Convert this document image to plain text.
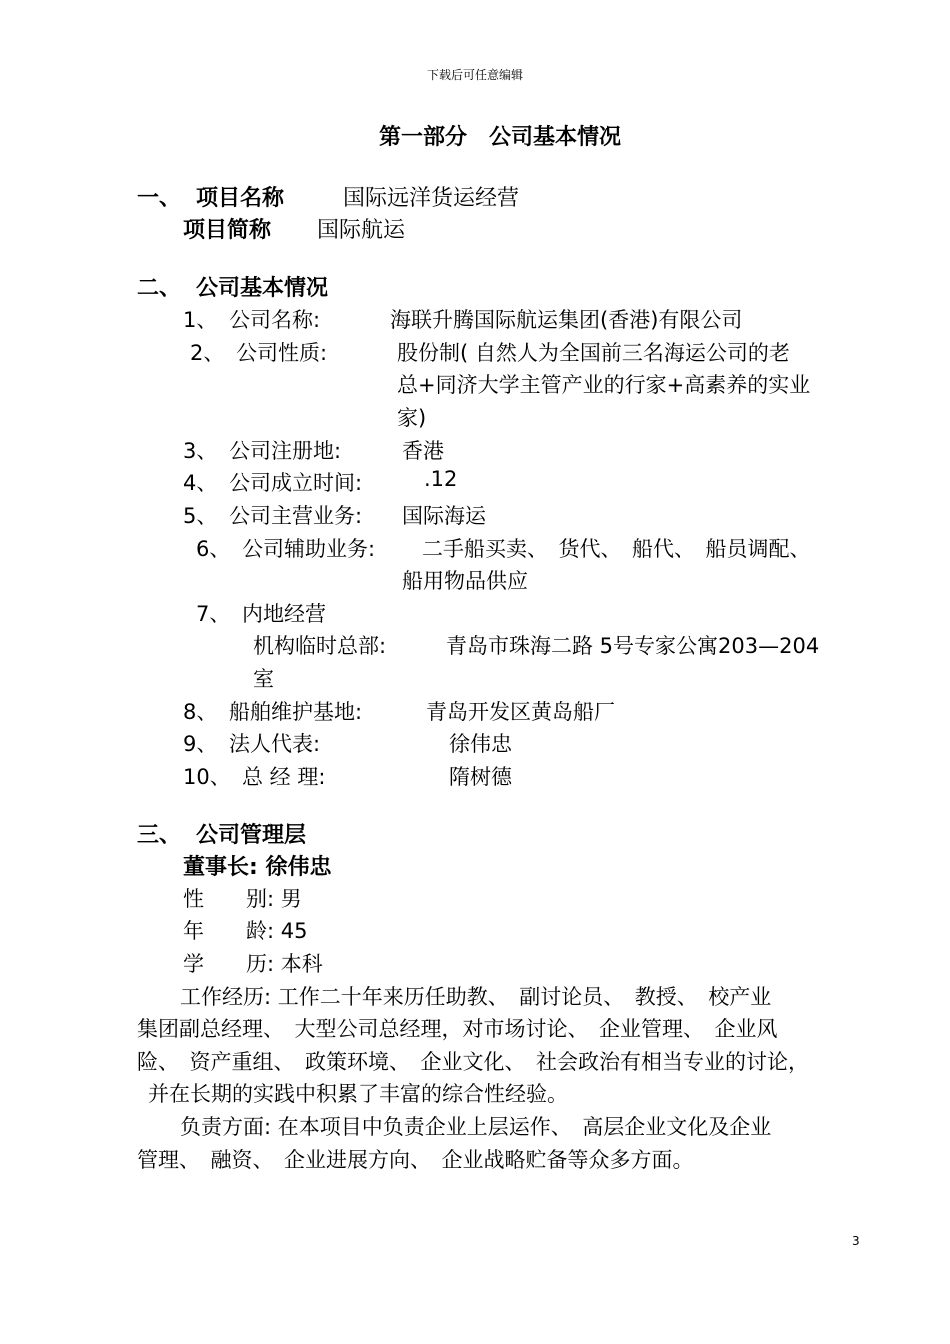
下载后可任意编辑
第一部分　公司基本情况
一、 项目名称	国际远洋货运经营
项目简称 国际航运
二、 公司基本情况
1、 公司名称:	海联升腾国际航运集团(香港)有限公司
2、 公司性质:	股份制( 自然人为全国前三名海运公司的老
总+同济大学主管产业的行家+高素养的实业
家)
3、 公司注册地:	香港
4、 公司成立时间:	.12
5、 公司主营业务: 国际海运
6、 公司辅助业务: 二手船买卖、　货代、　船代、　船员调配、
船用物品供应
7、 内地经营
机构临时总部:	青岛市珠海二路 5号专家公寓203—204
室
8、 船舶维护基地:	青岛开发区黄岛船厂
9、 法人代表:	徐伟忠
10、 总 经 理:	隋树德
三、 公司管理层
董事长: 徐伟忠
性　　别: 男
年　　龄: 45
学　　历: 本科
工作经历: 工作二十年来历任助教、　副讨论员、　教授、　校产业
集团副总经理、　大型公司总经理，对市场讨论、　企业管理、　企业风
险、　资产重组、　政策环境、　企业文化、　社会政治有相当专业的讨论，
并在长期的实践中积累了丰富的综合性经验。
负责方面: 在本项目中负责企业上层运作、　高层企业文化及企业
管理、　融资、　企业进展方向、　企业战略贮备等众多方面。
3
